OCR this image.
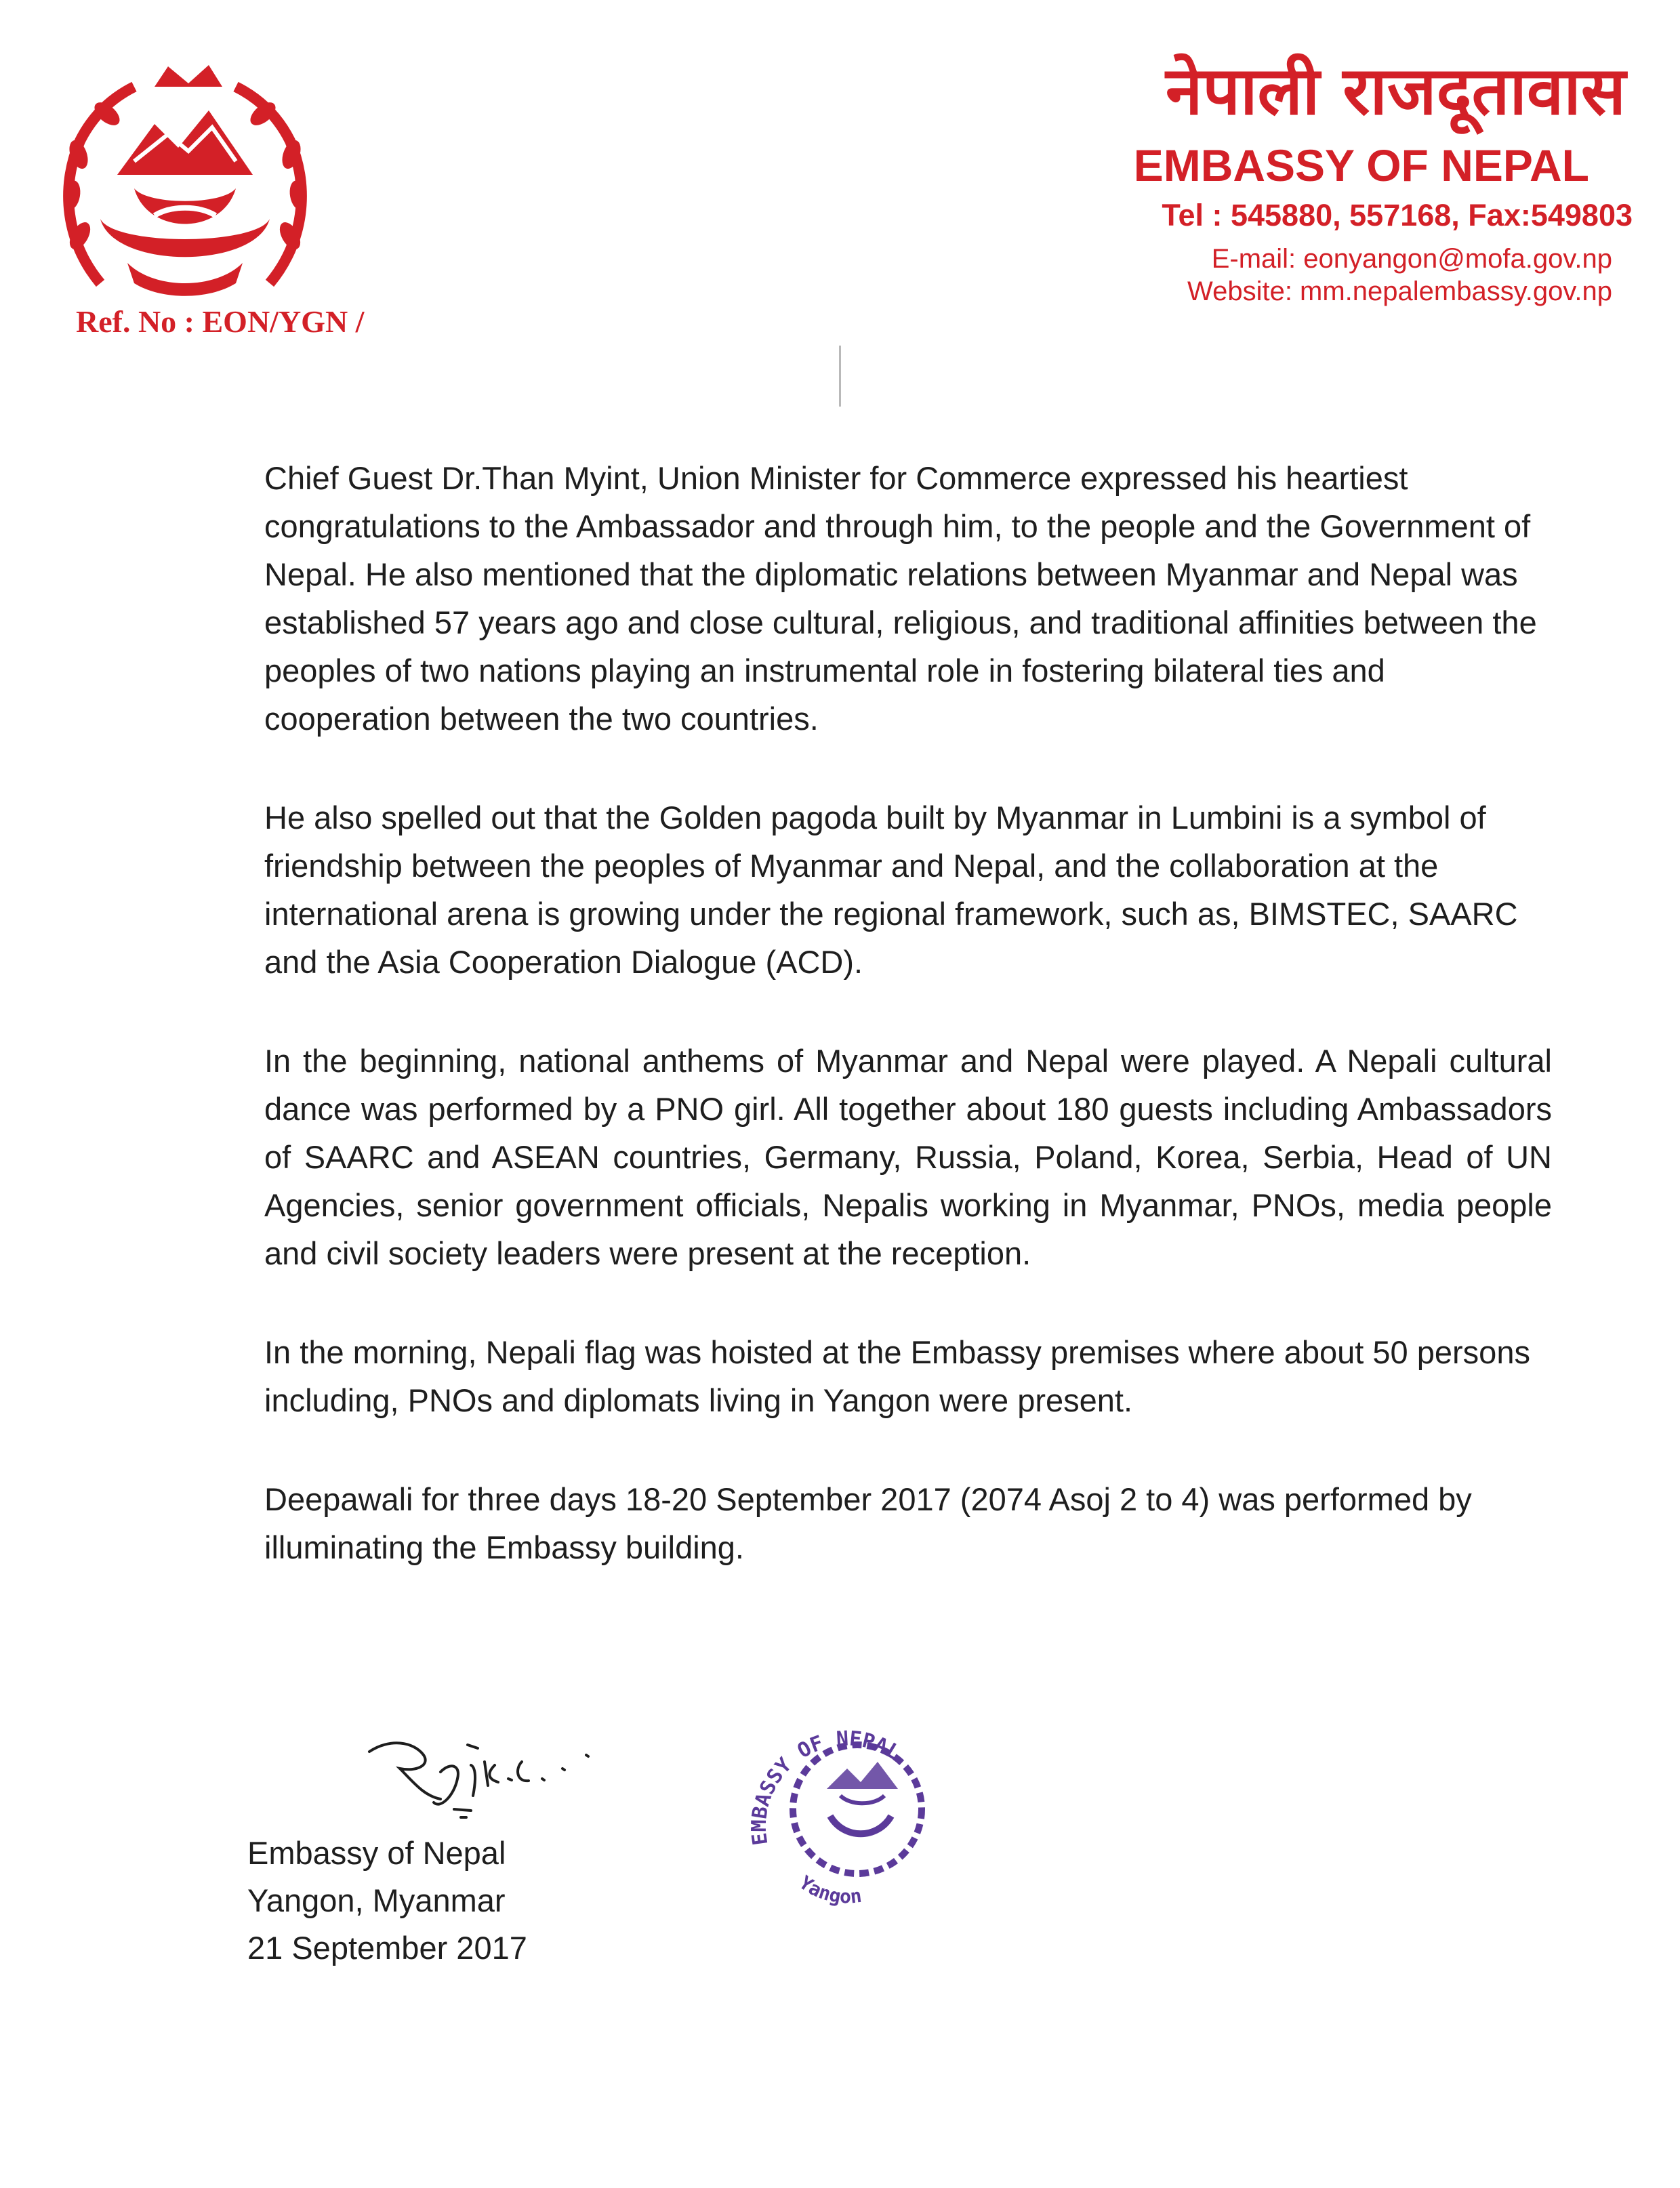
Ref. No : EON/YGN /
नेपाली राजदूतावास
EMBASSY OF NEPAL
Tel : 545880, 557168, Fax:549803
E-mail: eonyangon@mofa.gov.np
Website: mm.nepalembassy.gov.np

Chief Guest Dr.Than Myint, Union Minister for Commerce expressed his heartiest congratulations to the Ambassador and through him, to the people and the Government of Nepal. He also mentioned that the diplomatic relations between Myanmar and Nepal was established 57 years ago and close cultural, religious, and traditional affinities between the peoples of two nations playing an instrumental role in fostering bilateral ties and cooperation between the two countries.

He also spelled out that the Golden pagoda built by Myanmar in Lumbini is a symbol of friendship between the peoples of Myanmar and Nepal, and the collaboration at the international arena is growing under the regional framework, such as, BIMSTEC, SAARC and the Asia Cooperation Dialogue (ACD).

In the beginning, national anthems of Myanmar and Nepal were played. A Nepali cultural dance was performed by a PNO girl. All together about 180 guests including Ambassadors of SAARC and ASEAN countries, Germany, Russia, Poland, Korea, Serbia, Head of UN Agencies, senior government officials, Nepalis working in Myanmar, PNOs, media people and civil society leaders were present at the reception.

In the morning, Nepali flag was hoisted at the Embassy premises where about 50 persons including, PNOs and diplomats living in Yangon were present.

Deepawali for three days 18-20 September 2017 (2074 Asoj 2 to 4) was performed by illuminating the Embassy building.

Embassy of Nepal
Yangon, Myanmar
21 September 2017
EMBASSY OF NEPAL
Yangon
